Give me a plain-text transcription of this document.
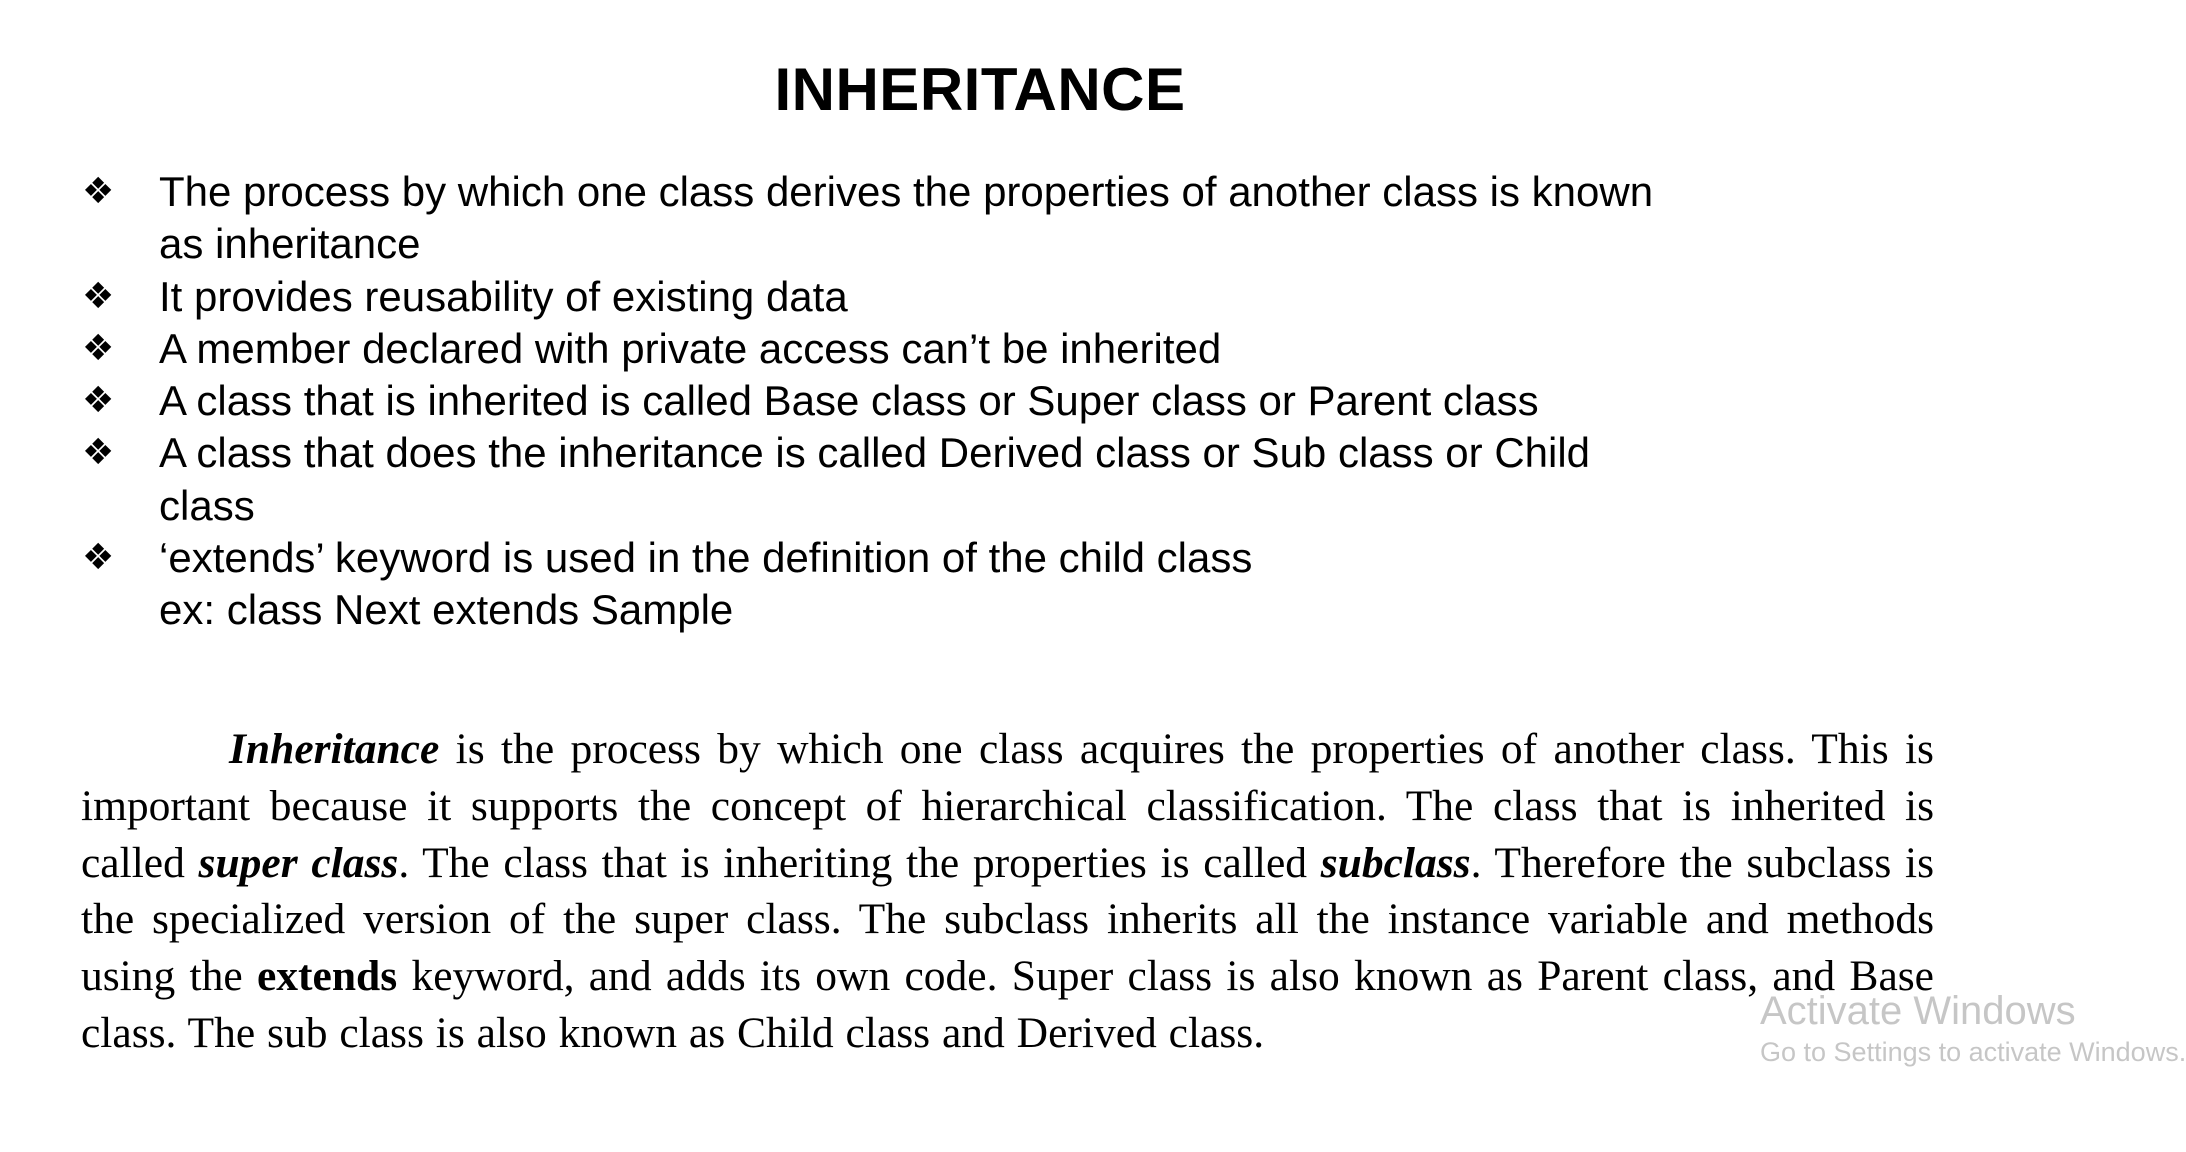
INHERITANCE
❖ The process by which one class derives the properties of another class is known
as inheritance
❖ It provides reusability of existing data
❖ A member declared with private access can’t be inherited
❖ A class that is inherited is called Base class or Super class or Parent class
❖ A class that does the inheritance is called Derived class or Sub class or Child
class
❖ ‘extends’ keyword is used in the definition of the child class
ex: class Next extends Sample

Inheritance is the process by which one class acquires the properties of another class. This is important because it supports the concept of hierarchical classification. The class that is inherited is called super class. The class that is inheriting the properties is called subclass. Therefore the subclass is the specialized version of the super class. The subclass inherits all the instance variable and methods using the extends keyword, and adds its own code. Super class is also known as Parent class, and Base class. The sub class is also known as Child class and Derived class.	Activate Windows
Go to Settings to activate Windows.
